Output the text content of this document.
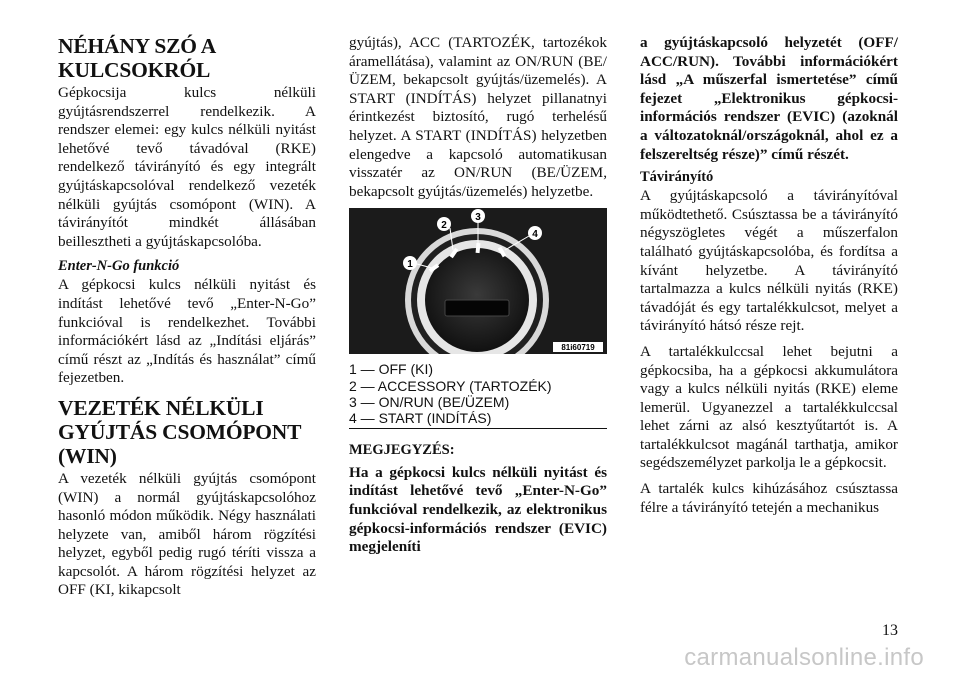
NÉHÁNY SZÓ A KULCSOKRÓL

Gépkocsija kulcs nélküli gyújtásrendszerrel rendelkezik. A rendszer elemei: egy kulcs nélküli nyitást lehetővé tevő távadóval (RKE) rendelkező távirányító és egy integrált gyújtáskapcsolóval rendelkező vezeték nélküli gyújtás csomópont (WIN). A távirányítót mindkét állásában beillesztheti a gyújtáskapcsolóba.

Enter-N-Go funkció

A gépkocsi kulcs nélküli nyitást és indítást lehetővé tevő „Enter-N-Go” funkcióval is rendelkezhet. További információkért lásd az „Indítási eljárás” című részt az „Indítás és használat” című fejezetben.

VEZETÉK NÉLKÜLI GYÚJTÁS CSOMÓPONT (WIN)

A vezeték nélküli gyújtás csomópont (WIN) a normál gyújtáskapcsolóhoz hasonló módon működik. Négy használati helyzete van, amiből három rögzítési helyzet, egyből pedig rugó téríti vissza a kapcsolót. A három rögzítési helyzet az OFF (KI, kikapcsolt

gyújtás), ACC (TARTOZÉK, tartozékok áramellátása), valamint az ON/RUN (BE/ÜZEM, bekapcsolt gyújtás/üzemelés). A START (INDÍTÁS) helyzet pillanatnyi érintkezést biztosító, rugó terhelésű helyzet. A START (INDÍTÁS) helyzetben elengedve a kapcsoló automatikusan visszatér az ON/RUN (BE/ÜZEM, bekapcsolt gyújtás/üzemelés) helyzetbe.

1
2
3
4
81i60719
1 — OFF (KI)
2 — ACCESSORY (TARTOZÉK)
3 — ON/RUN (BE/ÜZEM)
4 — START (INDÍTÁS)
MEGJEGYZÉS:

Ha a gépkocsi kulcs nélküli nyitást és indítást lehetővé tevő „Enter-N-Go” funkcióval rendelkezik, az elektronikus gépkocsi-információs rendszer (EVIC) megjeleníti

a gyújtáskapcsoló helyzetét (OFF/ ACC/RUN). További információkért lásd „A műszerfal ismertetése” című fejezet „Elektronikus gépkocsi-információs rendszer (EVIC) (azoknál a változatoknál/országoknál, ahol ez a felszereltség része)” című részét.

Távirányító

A gyújtáskapcsoló a távirányítóval működtethető. Csúsztassa be a távirányító négyszögletes végét a műszerfalon található gyújtáskapcsolóba, és fordítsa a kívánt helyzetbe. A távirányító tartalmazza a kulcs nélküli nyitás (RKE) távadóját és egy tartalékkulcsot, melyet a távirányító hátsó része rejt.

A tartalékkulccsal lehet bejutni a gépkocsiba, ha a gépkocsi akkumulátora vagy a kulcs nélküli nyitás (RKE) eleme lemerül. Ugyanezzel a tartalékkulccsal lehet zárni az alsó kesztyűtartót is. A tartalékkulcsot magánál tarthatja, amikor segédszemélyzet parkolja le a gépkocsit.

A tartalék kulcs kihúzásához csúsztassa félre a távirányító tetején a mechanikus

13
carmanualsonline.info
